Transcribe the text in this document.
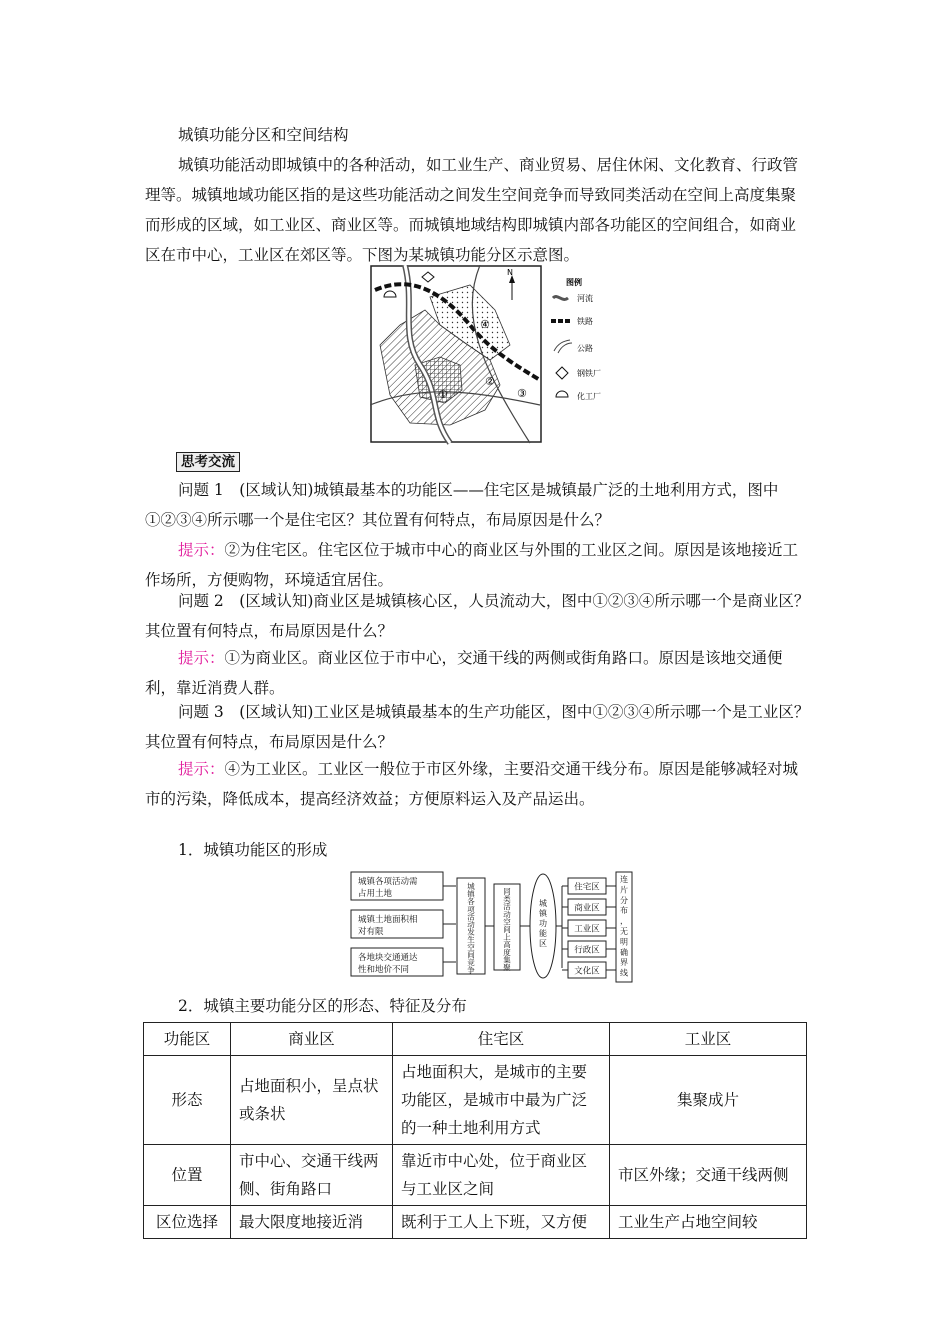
城镇功能分区和空间结构

城镇功能活动即城镇中的各种活动，如工业生产、商业贸易、居住休闲、文化教育、行政管理等。城镇地域功能区指的是这些功能活动之间发生空间竞争而导致同类活动在空间上高度集聚而形成的区域，如工业区、商业区等。而城镇地域结构即城镇内部各功能区的空间组合，如商业区在市中心，工业区在郊区等。下图为某城镇功能分区示意图。

N
①
②
③
④
图例
河流
铁路
公路
钢铁厂
化工厂
思考交流

问题 1　(区域认知)城镇最基本的功能区——住宅区是城镇最广泛的土地利用方式，图中①②③④所示哪一个是住宅区？其位置有何特点，布局原因是什么？

提示：②为住宅区。住宅区位于城市中心的商业区与外围的工业区之间。原因是该地接近工作场所，方便购物，环境适宜居住。

问题 2　(区域认知)商业区是城镇核心区，人员流动大，图中①②③④所示哪一个是商业区？其位置有何特点，布局原因是什么？

提示：①为商业区。商业区位于市中心，交通干线的两侧或街角路口。原因是该地交通便利，靠近消费人群。

问题 3　(区域认知)工业区是城镇最基本的生产功能区，图中①②③④所示哪一个是工业区？其位置有何特点，布局原因是什么？

提示：④为工业区。工业区一般位于市区外缘，主要沿交通干线分布。原因是能够减轻对城市的污染，降低成本，提高经济效益；方便原料运入及产品运出。

1．城镇功能区的形成

城镇各项活动需
占用土地
城镇土地面积相
对有限
各地块交通通达
性和地价不同
城
镇
各
项
活
动
发
生
空
间
竞
争
同
类
活
动
空
间
上
高
度
集
聚
城
镇
功
能
区
住宅区
商业区
工业区
行政区
文化区
连
片
分
布
，
无
明
确
界
线

2．城镇主要功能分区的形态、特征及分布

功能区	商业区	住宅区	工业区
形态	占地面积小，呈点状或条状	占地面积大，是城市的主要功能区，是城市中最为广泛的一种土地利用方式	集聚成片
位置	市中心、交通干线两侧、街角路口	靠近市中心处，位于商业区与工业区之间	市区外缘；交通干线两侧
区位选择	最大限度地接近消	既利于工人上下班，又方便	工业生产占地空间较
